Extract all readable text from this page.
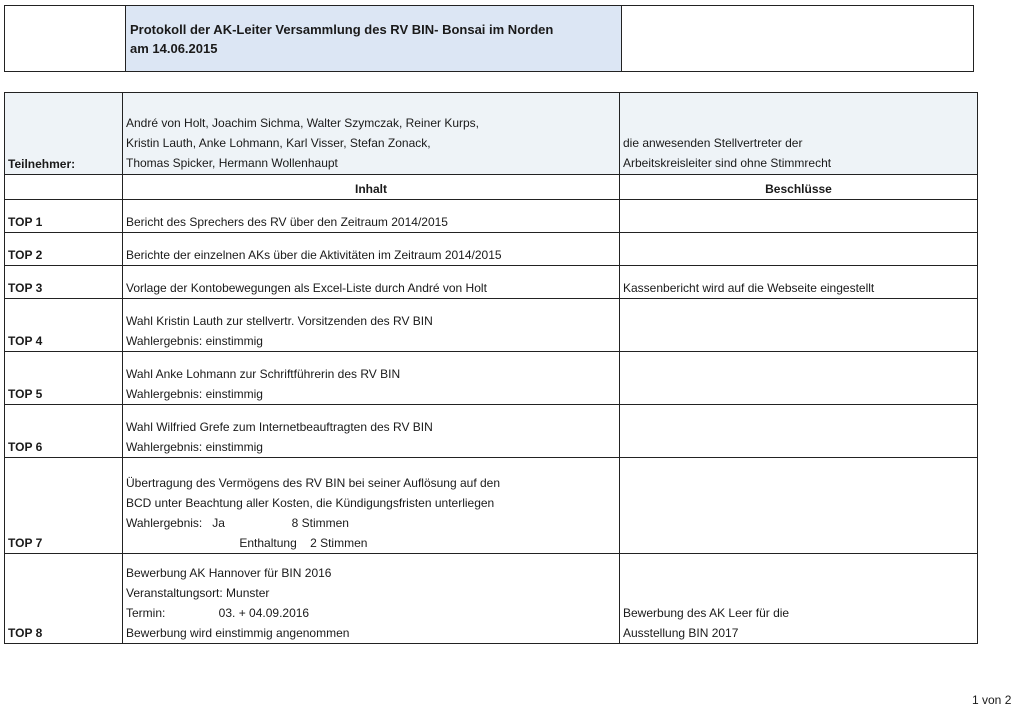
Protokoll der AK-Leiter Versammlung des RV BIN- Bonsai im Norden
am 14.06.2015
Teilnehmer:	André von Holt, Joachim Sichma, Walter Szymczak, Reiner Kurps,
Kristin Lauth, Anke Lohmann, Karl Visser, Stefan Zonack,
Thomas Spicker, Hermann Wollenhaupt	die anwesenden Stellvertreter der
Arbeitskreisleiter sind ohne Stimmrecht

	Inhalt	Beschlüsse
TOP 1	Bericht des Sprechers des RV über den Zeitraum 2014/2015	

TOP 2	Berichte der einzelnen AKs über die Aktivitäten im Zeitraum 2014/2015	

TOP 3	Vorlage der Kontobewegungen als Excel-Liste durch André von Holt	Kassenbericht wird auf die Webseite eingestellt

TOP 4	Wahl Kristin Lauth zur stellvertr. Vorsitzenden des RV BIN
Wahlergebnis: einstimmig	

TOP 5	Wahl Anke Lohmann zur Schriftführerin des RV BIN
Wahlergebnis: einstimmig	

TOP 6	Wahl Wilfried Grefe zum Internetbeauftragten des RV BIN
Wahlergebnis: einstimmig	

TOP 7	Übertragung des Vermögens des RV BIN bei seiner Auflösung auf den
BCD unter Beachtung aller Kosten, die Kündigungsfristen unterliegen
Wahlergebnis:   Ja                    8 Stimmen
Enthaltung    2 Stimmen	

TOP 8	Bewerbung AK Hannover für BIN 2016
Veranstaltungsort: Munster
Termin:                03. + 04.09.2016
Bewerbung wird einstimmig angenommen	Bewerbung des AK Leer für die
Ausstellung BIN 2017
1 von 2
